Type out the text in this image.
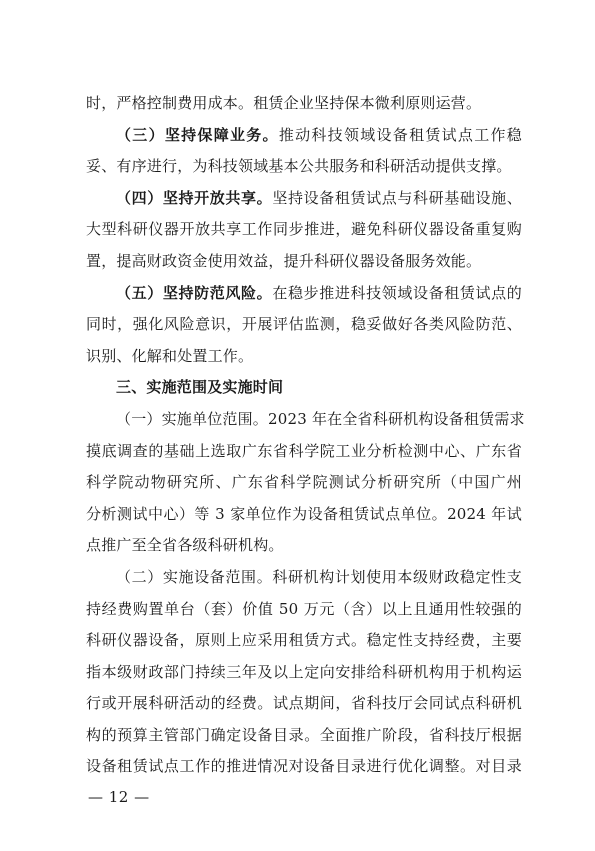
时，严格控制费用成本。租赁企业坚持保本微利原则运营。
（三）坚持保障业务。推动科技领域设备租赁试点工作稳
妥、有序进行，为科技领域基本公共服务和科研活动提供支撑。
（四）坚持开放共享。坚持设备租赁试点与科研基础设施、
大型科研仪器开放共享工作同步推进，避免科研仪器设备重复购
置，提高财政资金使用效益，提升科研仪器设备服务效能。
（五）坚持防范风险。在稳步推进科技领域设备租赁试点的
同时，强化风险意识，开展评估监测，稳妥做好各类风险防范、
识别、化解和处置工作。
三、实施范围及实施时间
（一）实施单位范围。2023 年在全省科研机构设备租赁需求
摸底调查的基础上选取广东省科学院工业分析检测中心、广东省
科学院动物研究所、广东省科学院测试分析研究所（中国广州
分析测试中心）等 3 家单位作为设备租赁试点单位。2024 年试
点推广至全省各级科研机构。
（二）实施设备范围。科研机构计划使用本级财政稳定性支
持经费购置单台（套）价值 50 万元（含）以上且通用性较强的
科研仪器设备，原则上应采用租赁方式。稳定性支持经费，主要
指本级财政部门持续三年及以上定向安排给科研机构用于机构运
行或开展科研活动的经费。试点期间，省科技厅会同试点科研机
构的预算主管部门确定设备目录。全面推广阶段，省科技厅根据
设备租赁试点工作的推进情况对设备目录进行优化调整。对目录
— 12 —
